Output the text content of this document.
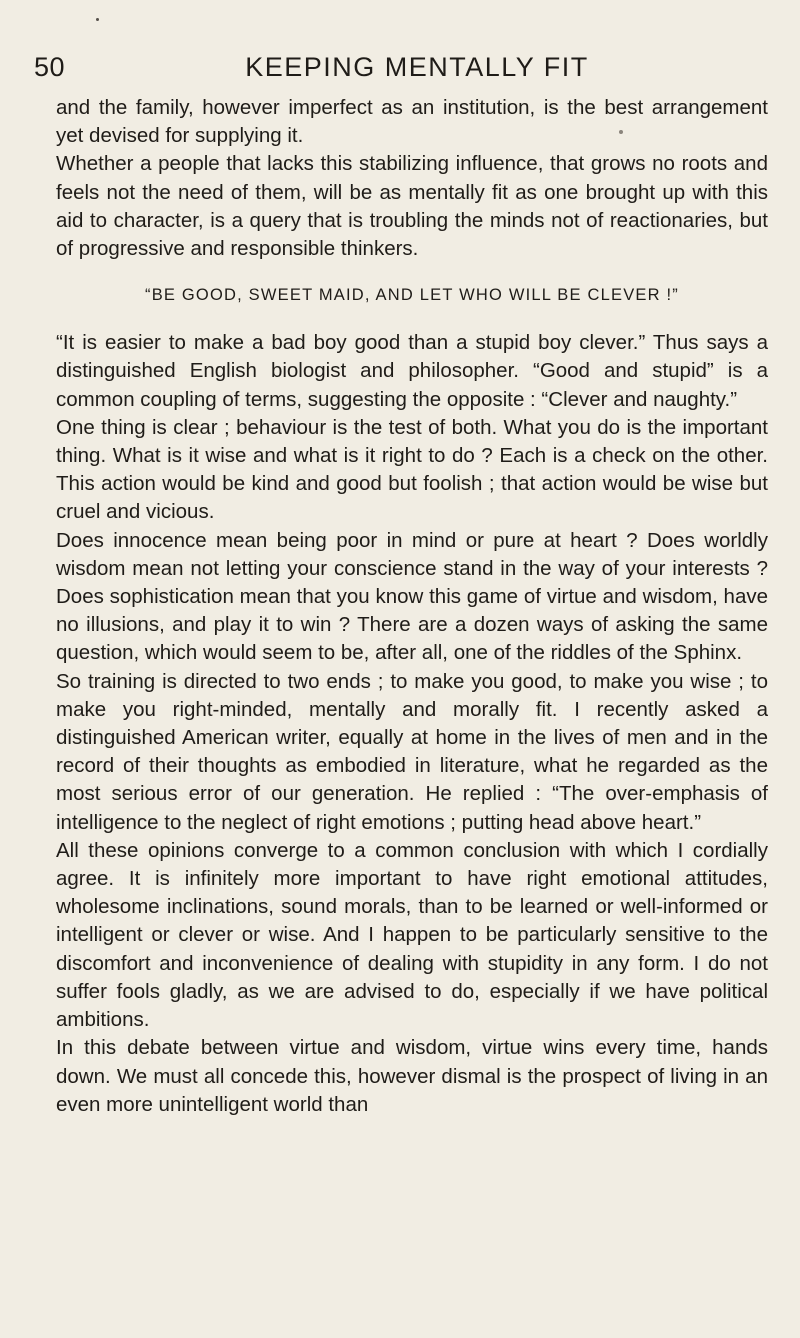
50	KEEPING MENTALLY FIT

and the family, however imperfect as an institution, is the best arrangement yet devised for supplying it.

Whether a people that lacks this stabilizing influence, that grows no roots and feels not the need of them, will be as mentally fit as one brought up with this aid to character, is a query that is troubling the minds not of reactionaries, but of progressive and responsible thinkers.

“BE GOOD, SWEET MAID, AND LET WHO WILL BE CLEVER !”

“It is easier to make a bad boy good than a stupid boy clever.” Thus says a distinguished English biologist and philosopher. “Good and stupid” is a common coupling of terms, suggesting the opposite : “Clever and naughty.”

One thing is clear ; behaviour is the test of both. What you do is the important thing. What is it wise and what is it right to do ? Each is a check on the other. This action would be kind and good but foolish ; that action would be wise but cruel and vicious.

Does innocence mean being poor in mind or pure at heart ? Does worldly wisdom mean not letting your conscience stand in the way of your interests ? Does sophistication mean that you know this game of virtue and wisdom, have no illusions, and play it to win ? There are a dozen ways of asking the same question, which would seem to be, after all, one of the riddles of the Sphinx.

So training is directed to two ends ; to make you good, to make you wise ; to make you right-minded, mentally and morally fit. I recently asked a distinguished American writer, equally at home in the lives of men and in the record of their thoughts as embodied in literature, what he regarded as the most serious error of our generation. He replied : “The over-emphasis of intelligence to the neglect of right emotions ; putting head above heart.”

All these opinions converge to a common conclusion with which I cordially agree. It is infinitely more important to have right emotional attitudes, wholesome inclinations, sound morals, than to be learned or well-informed or intelligent or clever or wise. And I happen to be particularly sensitive to the discomfort and inconvenience of dealing with stupidity in any form. I do not suffer fools gladly, as we are advised to do, especially if we have political ambitions.

In this debate between virtue and wisdom, virtue wins every time, hands down. We must all concede this, however dismal is the prospect of living in an even more unintelligent world than
